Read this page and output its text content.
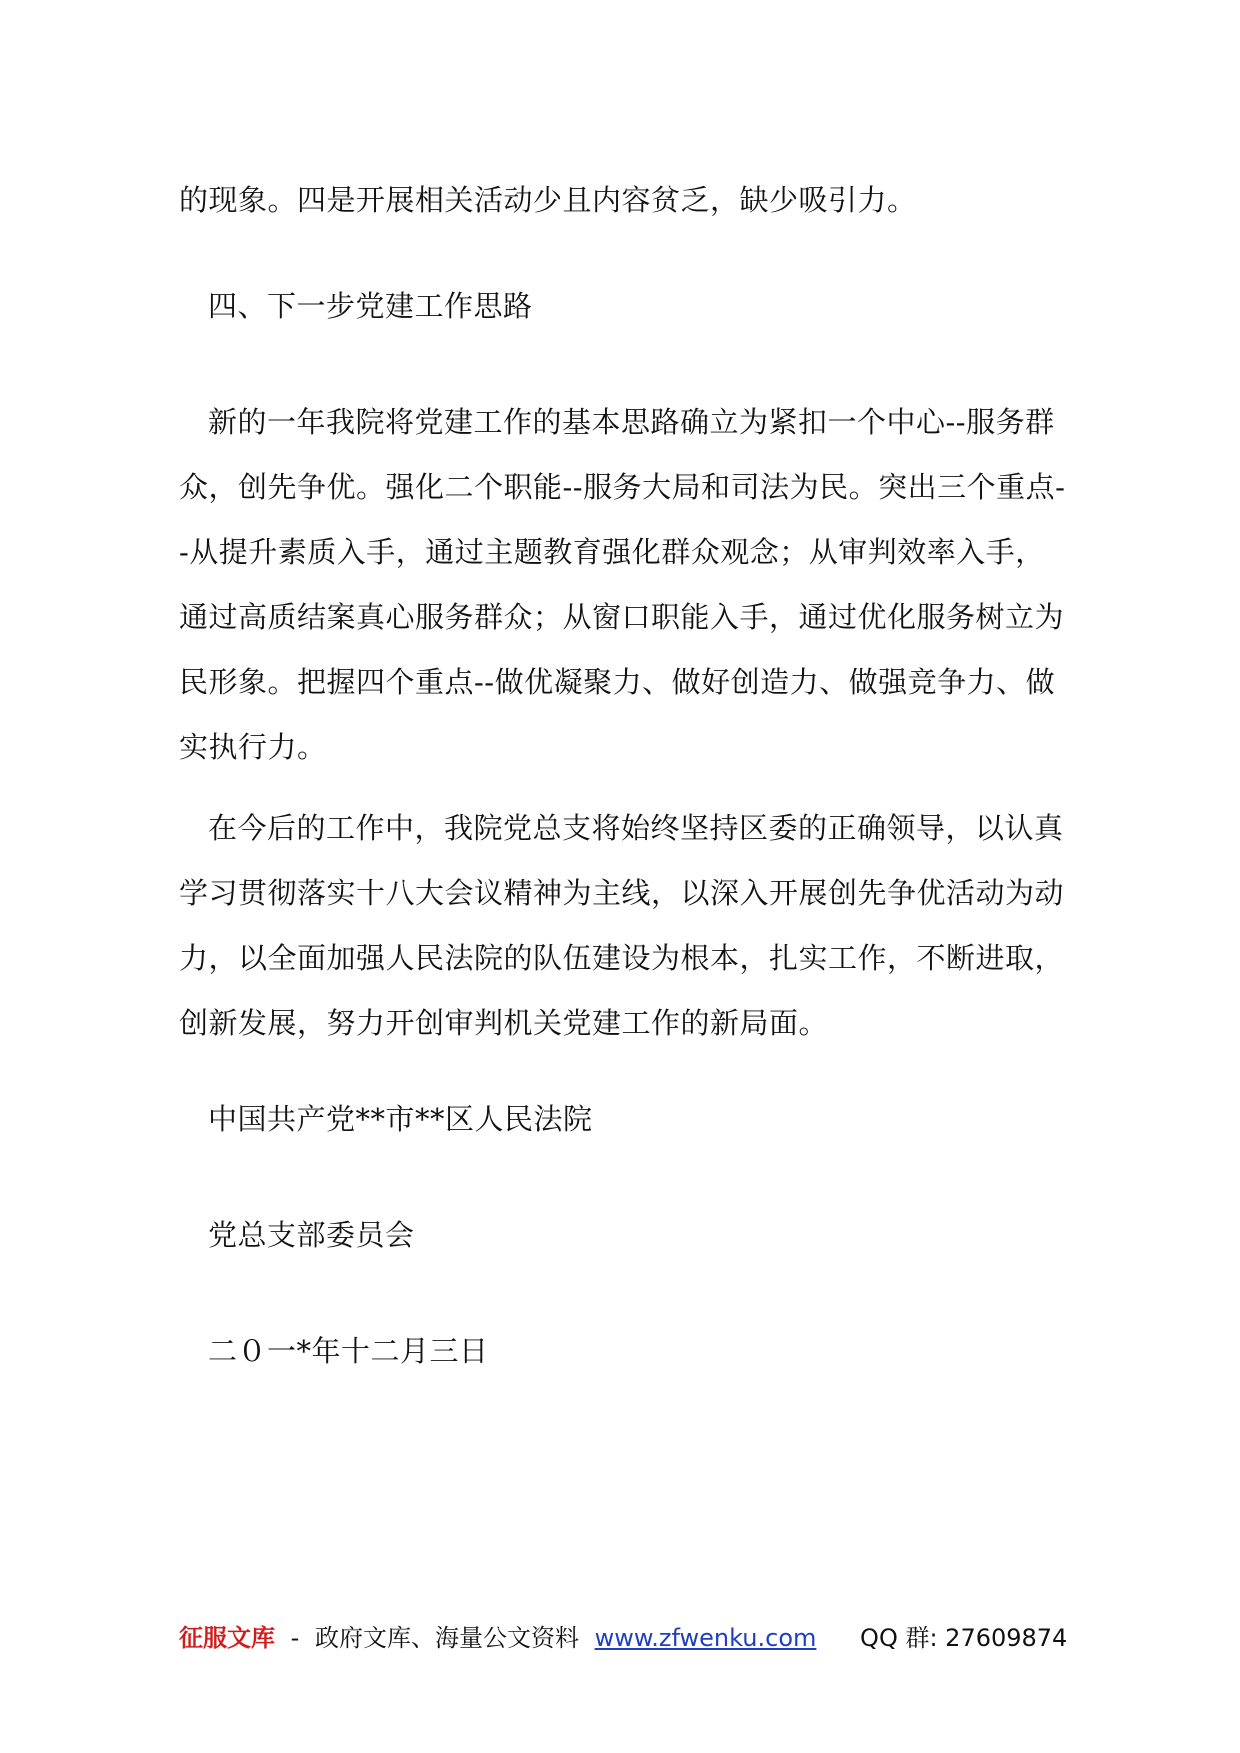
的现象。四是开展相关活动少且内容贫乏，缺少吸引力。

四、下一步党建工作思路

新的一年我院将党建工作的基本思路确立为紧扣一个中心--服务群众，创先争优。强化二个职能--服务大局和司法为民。突出三个重点--从提升素质入手，通过主题教育强化群众观念；从审判效率入手，通过高质结案真心服务群众；从窗口职能入手，通过优化服务树立为民形象。把握四个重点--做优凝聚力、做好创造力、做强竞争力、做实执行力。

在今后的工作中，我院党总支将始终坚持区委的正确领导，以认真学习贯彻落实十八大会议精神为主线，以深入开展创先争优活动为动力，以全面加强人民法院的队伍建设为根本，扎实工作，不断进取，创新发展，努力开创审判机关党建工作的新局面。

中国共产党**市**区人民法院

党总支部委员会

二０一*年十二月三日

征服文库 - 政府文库、海量公文资料 www.zfwenku.com QQ 群: 27609874
